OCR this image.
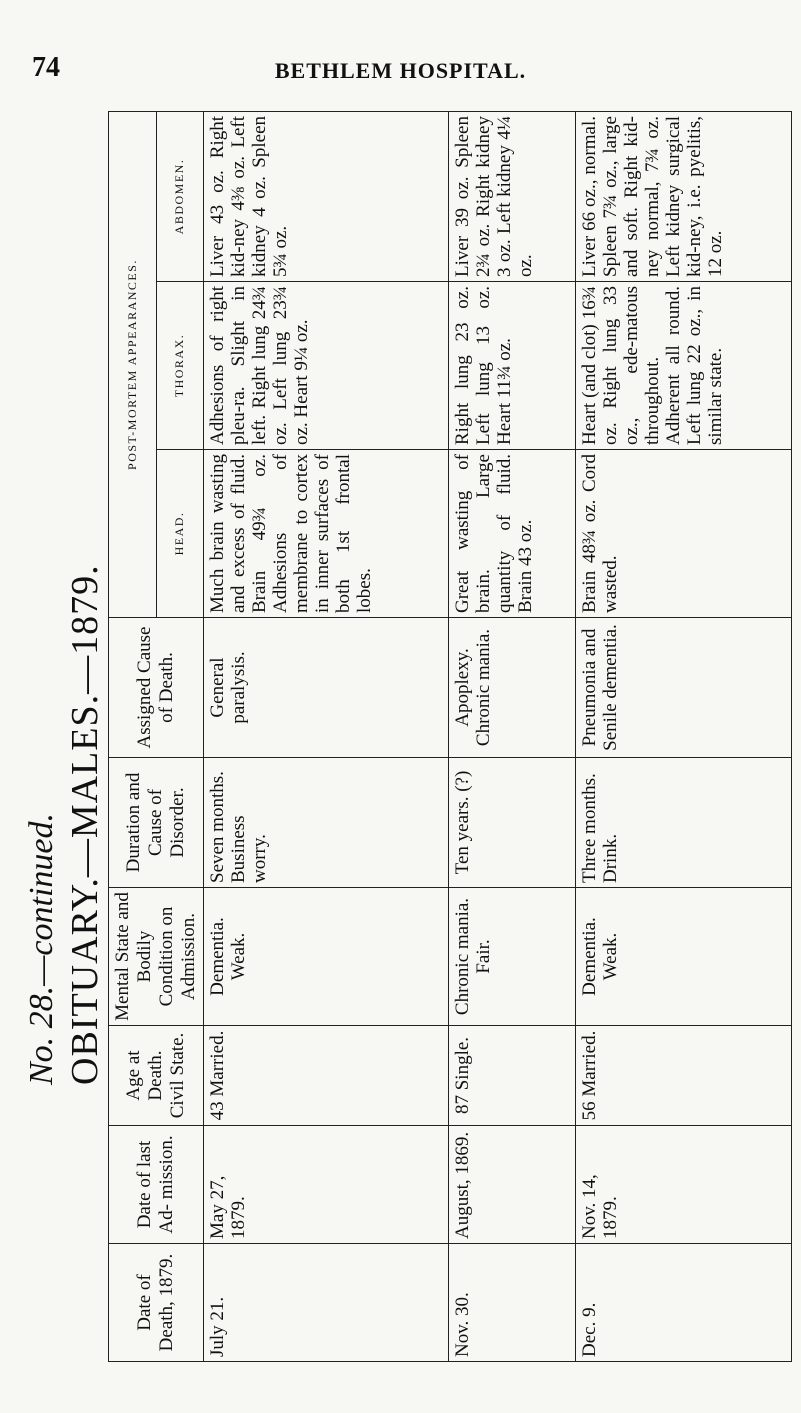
74	BETHLEM HOSPITAL.
No. 28.—continued. OBITUARY.—MALES.—1879.
Date of Death, 1879.	Date of last Ad- mission.	Age at Death. Civil State.	Mental State and Bodily Condition on Admission.	Duration and Cause of Disorder.	Assigned Cause of Death.	POST-MORTEM APPEARANCES.		
						HEAD.	THORAX.	ABDOMEN.
July 21.	May 27, 1879.	43 Married.	Dementia. Weak.	Seven months. Business worry.	General paralysis.	Much brain wasting and excess of fluid. Brain 49¾ oz. Adhesions of membrane to cortex in inner surfaces of both 1st frontal lobes.	Adhesions of right pleu-ra. Slight in left. Right lung 24¾ oz. Left lung 23¾ oz. Heart 9¼ oz.	Liver 43 oz. Right kid-ney 4⅜ oz. Left kidney 4 oz. Spleen 5¾ oz.
Nov. 30.	August, 1869.	87 Single.	Chronic mania. Fair.	Ten years. (?)	Apoplexy. Chronic mania.	Great wasting of brain. Large quantity of fluid. Brain 43 oz.	Right lung 23 oz. Left lung 13 oz. Heart 11¾ oz.	Liver 39 oz. Spleen 2¾ oz. Right kidney 3 oz. Left kidney 4¼ oz.
Dec. 9.	Nov. 14, 1879.	56 Married.	Dementia. Weak.	Three months. Drink.	Pneumonia and Senile dementia.	Brain 48¾ oz. Cord wasted.	Heart (and clot) 16¾ oz. Right lung 33 oz., ede-matous throughout. Adherent all round. Left lung 22 oz., in similar state.	Liver 66 oz., normal. Spleen 7¾ oz., large and soft. Right kid-ney normal, 7¾ oz. Left kidney surgical kid-ney, i.e. pyelitis, 12 oz.
